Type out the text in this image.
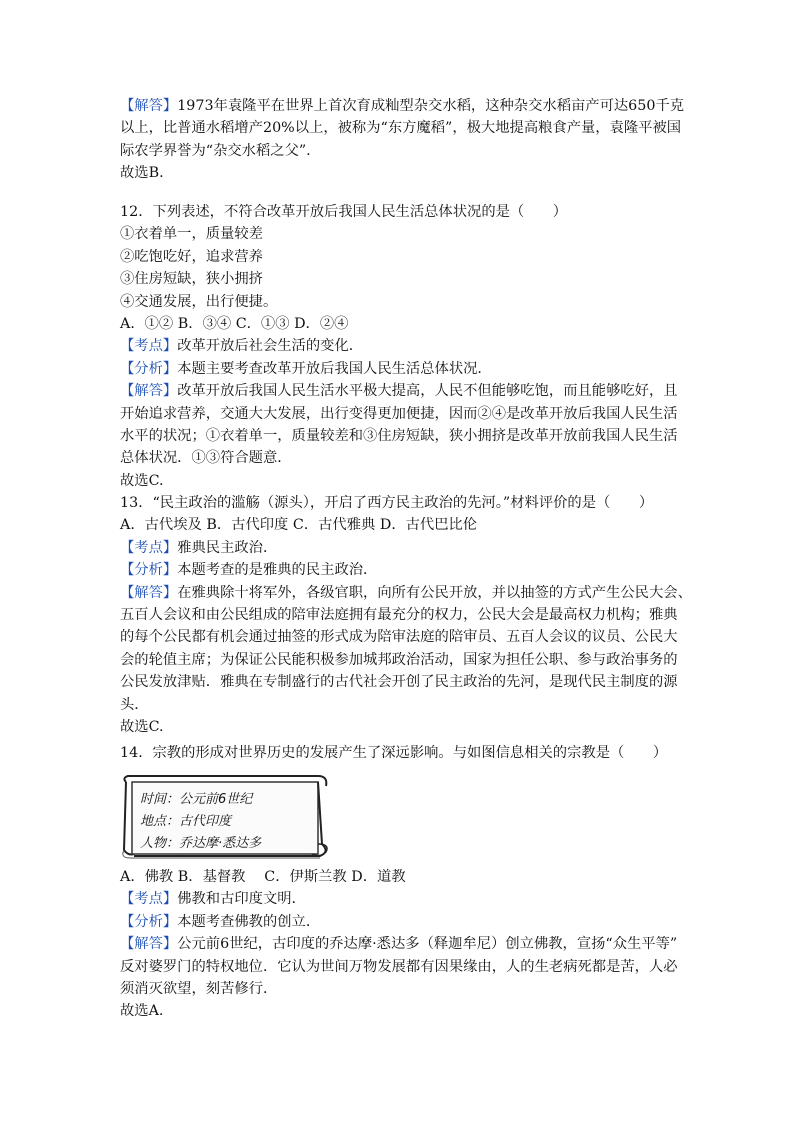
【解答】1973年袁隆平在世界上首次育成籼型杂交水稻，这种杂交水稻亩产可达650千克
以上，比普通水稻增产20%以上，被称为“东方魔稻”，极大地提高粮食产量，袁隆平被国
际农学界誉为“杂交水稻之父”.
故选B.
12．下列表述，不符合改革开放后我国人民生活总体状况的是（　　）
①衣着单一，质量较差
②吃饱吃好，追求营养
③住房短缺，狭小拥挤
④交通发展，出行便捷。
A．①② B．③④ C．①③ D．②④
【考点】改革开放后社会生活的变化．
【分析】本题主要考查改革开放后我国人民生活总体状况．
【解答】改革开放后我国人民生活水平极大提高，人民不但能够吃饱，而且能够吃好，且
开始追求营养，交通大大发展，出行变得更加便捷，因而②④是改革开放后我国人民生活
水平的状况；①衣着单一，质量较差和③住房短缺，狭小拥挤是改革开放前我国人民生活
总体状况．①③符合题意．
故选C.
13．“民主政治的滥觞（源头），开启了西方民主政治的先河。”材料评价的是（　　）
A．古代埃及 B．古代印度 C．古代雅典 D．古代巴比伦
【考点】雅典民主政治．
【分析】本题考查的是雅典的民主政治．
【解答】在雅典除十将军外，各级官职，向所有公民开放，并以抽签的方式产生公民大会、
五百人会议和由公民组成的陪审法庭拥有最充分的权力，公民大会是最高权力机构；雅典
的每个公民都有机会通过抽签的形式成为陪审法庭的陪审员、五百人会议的议员、公民大
会的轮值主席；为保证公民能积极参加城邦政治活动，国家为担任公职、参与政治事务的
公民发放津贴．雅典在专制盛行的古代社会开创了民主政治的先河，是现代民主制度的源
头．
故选C.
14．宗教的形成对世界历史的发展产生了深远影响。与如图信息相关的宗教是（　　）
时间：公元前6世纪
地点：古代印度
人物：乔达摩·悉达多
A．佛教 B．基督教　 C．伊斯兰教 D．道教
【考点】佛教和古印度文明．
【分析】本题考查佛教的创立．
【解答】公元前6世纪，古印度的乔达摩·悉达多（释迦牟尼）创立佛教，宣扬“众生平等”
反对婆罗门的特权地位．它认为世间万物发展都有因果缘由，人的生老病死都是苦，人必
须消灭欲望，刻苦修行．
故选A.
